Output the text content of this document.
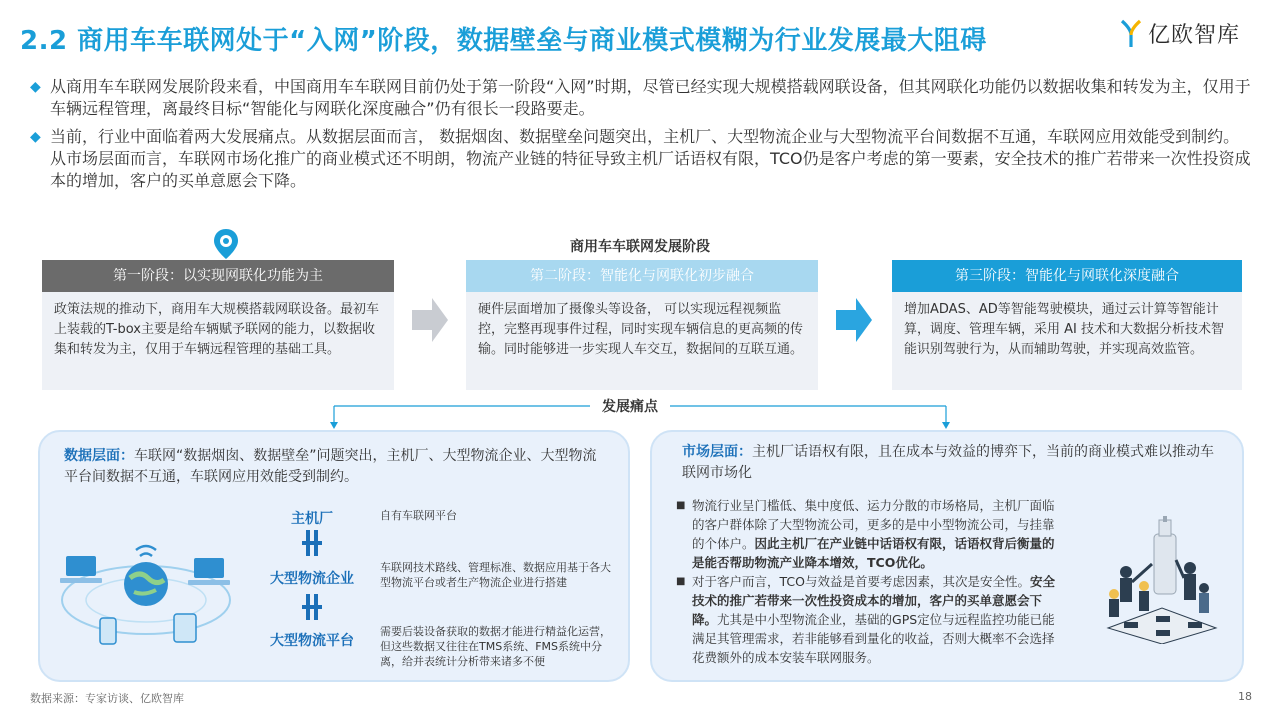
2.2 商用车车联网处于“入网”阶段，数据壁垒与商业模式模糊为行业发展最大阻碍	亿欧智库
◆ 从商用车车联网发展阶段来看，中国商用车车联网目前仍处于第一阶段“入网”时期，尽管已经实现大规模搭载网联设备，但其网联化功能仍以数据收集和转发为主，仅用于车辆远程管理，离最终目标“智能化与网联化深度融合”仍有很长一段路要走。
◆ 当前，行业中面临着两大发展痛点。从数据层面而言， 数据烟囱、数据壁垒问题突出，主机厂、大型物流企业与大型物流平台间数据不互通，车联网应用效能受到制约。从市场层面而言，车联网市场化推广的商业模式还不明朗，物流产业链的特征导致主机厂话语权有限，TCO仍是客户考虑的第一要素，安全技术的推广若带来一次性投资成本的增加，客户的买单意愿会下降。
商用车车联网发展阶段
第一阶段：以实现网联化功能为主
政策法规的推动下，商用车大规模搭载网联设备。最初车上装载的T-box主要是给车辆赋予联网的能力，以数据收集和转发为主，仅用于车辆远程管理的基础工具。
第二阶段：智能化与网联化初步融合
硬件层面增加了摄像头等设备， 可以实现远程视频监控，完整再现事件过程，同时实现车辆信息的更高频的传输。同时能够进一步实现人车交互，数据间的互联互通。
第三阶段：智能化与网联化深度融合
增加ADAS、AD等智能驾驶模块，通过云计算等智能计算，调度、管理车辆，采用 AI 技术和大数据分析技术智能识别驾驶行为，从而辅助驾驶，并实现高效监管。
发展痛点
数据层面：车联网“数据烟囱、数据壁垒”问题突出，主机厂、大型物流企业、大型物流平台间数据不互通，车联网应用效能受到制约。
主机厂	自有车联网平台
大型物流企业
车联网技术路线、管理标准、数据应用基于各大型物流平台或者生产物流企业进行搭建
大型物流平台
需要后装设备获取的数据才能进行精益化运营，但这些数据又往往在TMS系统、FMS系统中分离，给并表统计分析带来诸多不便
市场层面：主机厂话语权有限，且在成本与效益的博弈下，当前的商业模式难以推动车联网市场化
■ 物流行业呈门槛低、集中度低、运力分散的市场格局，主机厂面临的客户群体除了大型物流公司，更多的是中小型物流公司，与挂靠的个体户。因此主机厂在产业链中话语权有限，话语权背后衡量的是能否帮助物流产业降本增效，TCO优化。
■ 对于客户而言，TCO与效益是首要考虑因素，其次是安全性。安全技术的推广若带来一次性投资成本的增加，客户的买单意愿会下降。尤其是中小型物流企业，基础的GPS定位与远程监控功能已能满足其管理需求，若非能够看到量化的收益，否则大概率不会选择花费额外的成本安装车联网服务。
数据来源：专家访谈、亿欧智库	18
